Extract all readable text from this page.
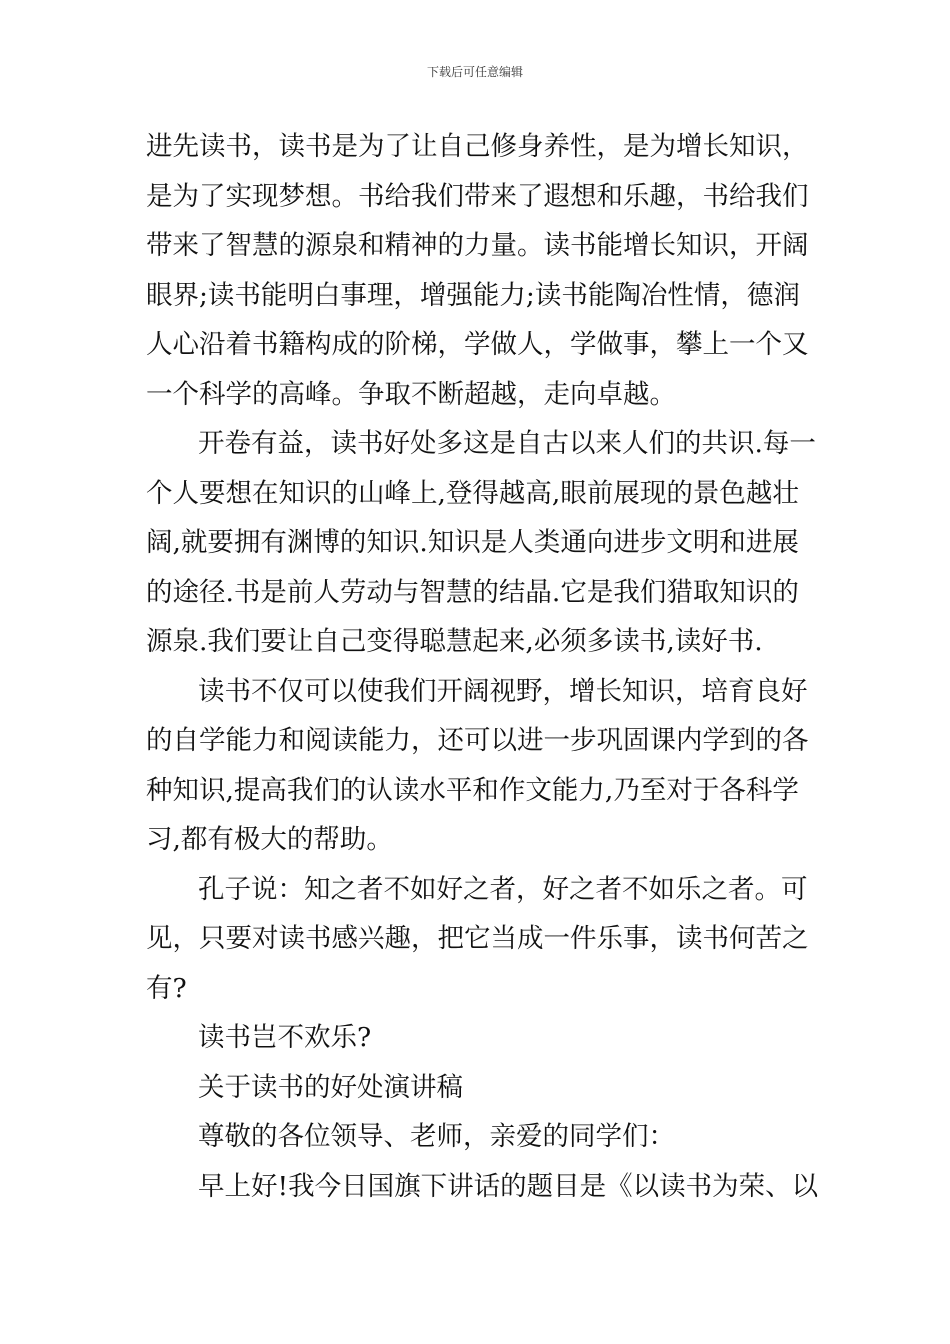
下载后可任意编辑

进先读书，读书是为了让自己修身养性，是为增长知识，
是为了实现梦想。书给我们带来了遐想和乐趣，书给我们
带来了智慧的源泉和精神的力量。读书能增长知识，开阔
眼界;读书能明白事理，增强能力;读书能陶冶性情，德润
人心沿着书籍构成的阶梯，学做人，学做事，攀上一个又
一个科学的高峰。争取不断超越，走向卓越。

开卷有益，读书好处多这是自古以来人们的共识.每一
个人要想在知识的山峰上,登得越高,眼前展现的景色越壮
阔,就要拥有渊博的知识.知识是人类通向进步文明和进展
的途径.书是前人劳动与智慧的结晶.它是我们猎取知识的
源泉.我们要让自己变得聪慧起来,必须多读书,读好书.

读书不仅可以使我们开阔视野，增长知识，培育良好
的自学能力和阅读能力，还可以进一步巩固课内学到的各
种知识,提高我们的认读水平和作文能力,乃至对于各科学
习,都有极大的帮助。

孔子说：知之者不如好之者，好之者不如乐之者。可
见，只要对读书感兴趣，把它当成一件乐事，读书何苦之
有?

读书岂不欢乐?

关于读书的好处演讲稿

尊敬的各位领导、老师，亲爱的同学们：

早上好!我今日国旗下讲话的题目是《以读书为荣、以
